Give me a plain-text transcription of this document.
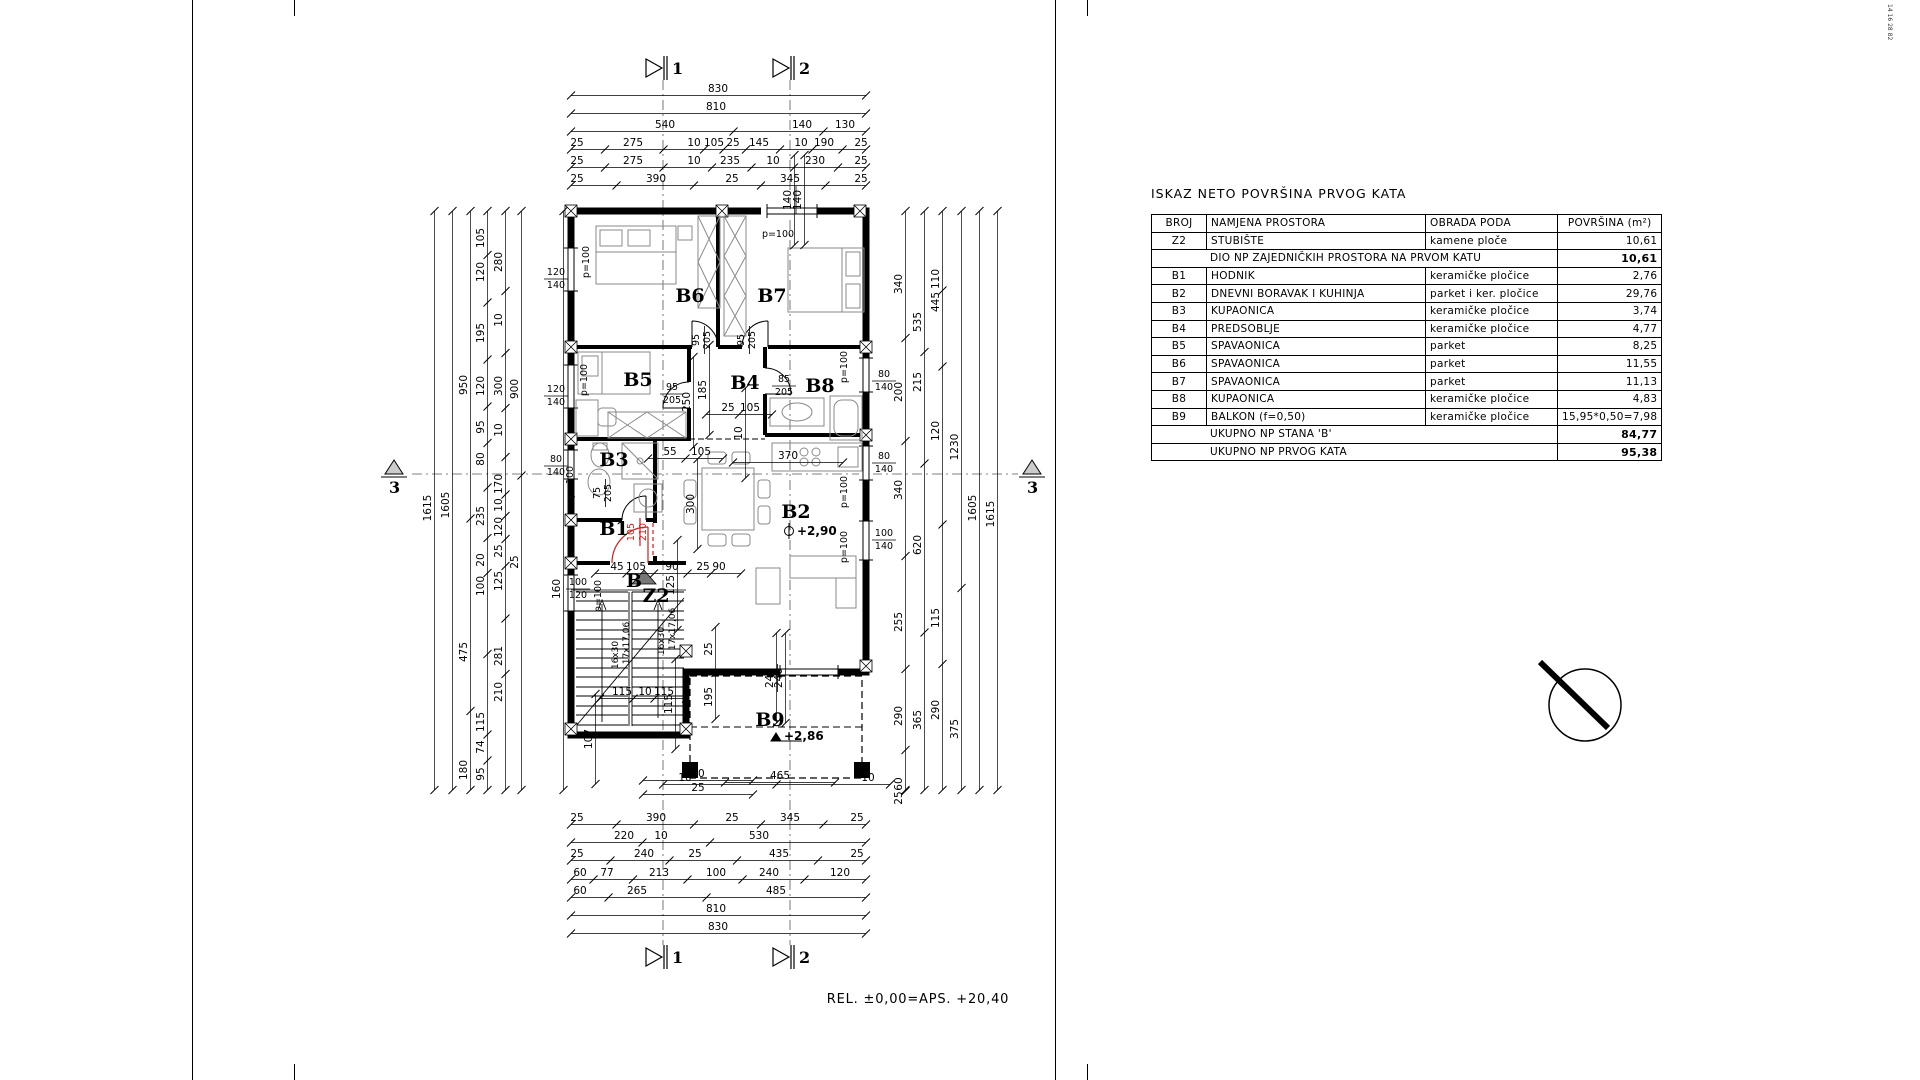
1	2
1	2
3	3
B6	B7
B5	B4 B8
B3
B1
B
Z2
B2
B9
+2,90
+2,86
830
810
540	140 130
25	275	10 105 25 145 10 190 25
25	275	10 235	10 230	25
25	390	25	345	25
25	390	25	345	25
220 10	530
25	240	25	435	25
60 77	213	100	240	120
60	265	485
810
830
465
10	10
60
25
45 105 90 25 90
115 10 115
55 105	370
25 105
1615 1605
950
475
180
105
120
195
120
95
80
235
20
100
115
74
95
280
10
300
10
170
10
120
25
125
281
210
900
25
340
200
340
255
290
60
25
535
215
620
365
110
445
120
115
290
1230
375
1605 1615
140
140
25
195
115
125
160
250
185
300
240
240
10
107
120
140
120
140
80
140
100
120
80
140
80
140
100
140
95
205
85
205
95 205 95 205
75 205
105 210
p=100
p=100
p=100
p=100
p=100
p=100
p=100
p=100
16x30 17x17,06	16x30 17x17,06
ISKAZ NETO POVRŠINA PRVOG KATA
BROJ	NAMJENA PROSTORA	OBRADA PODA	POVRŠINA (m²)
Z2	STUBIŠTE	kamene ploče	10,61
DIO NP ZAJEDNIČKIH PROSTORA NA PRVOM KATU			10,61
B1	HODNIK	keramičke pločice	2,76
B2	DNEVNI BORAVAK I KUHINJA	parket i ker. pločice	29,76
B3	KUPAONICA	keramičke pločice	3,74
B4	PREDSOBLJE	keramičke pločice	4,77
B5	SPAVAONICA	parket	8,25
B6	SPAVAONICA	parket	11,55
B7	SPAVAONICA	parket	11,13
B8	KUPAONICA	keramičke pločice	4,83
B9	BALKON (f=0,50)	keramičke pločice	15,95*0,50=7,98
UKUPNO NP STANA 'B'			84,77
UKUPNO NP PRVOG KATA			95,38
REL. ±0,00=APS. +20,40
14 16 28 82
